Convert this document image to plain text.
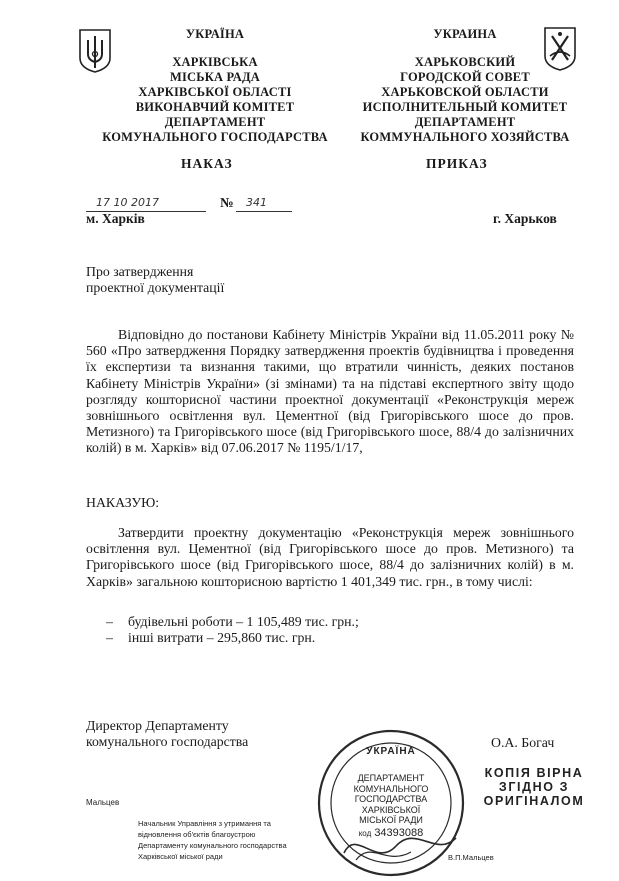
УКРАЇНА
ХАРКІВСЬКА
МІСЬКА РАДА
ХАРКІВСЬКОЇ ОБЛАСТІ
ВИКОНАВЧИЙ КОМІТЕТ
ДЕПАРТАМЕНТ
КОМУНАЛЬНОГО ГОСПОДАРСТВА
УКРАИНА
ХАРЬКОВСКИЙ
ГОРОДСКОЙ СОВЕТ
ХАРЬКОВСКОЙ ОБЛАСТИ
ИСПОЛНИТЕЛЬНЫЙ КОМИТЕТ
ДЕПАРТАМЕНТ
КОММУНАЛЬНОГО ХОЗЯЙСТВА
НАКАЗ	ПРИКАЗ
17 10 2017	№ 341
м. Харків	г. Харьков
Про затвердження
проектної документації

Відповідно до постанови Кабінету Міністрів України від 11.05.2011 року № 560 «Про затвердження Порядку затвердження проектів будівництва і проведення їх експертизи та визнання такими, що втратили чинність, деяких постанов Кабінету Міністрів України» (зі змінами) та на підставі експертного звіту щодо розгляду кошторисної частини проектної документації «Реконструкція мереж зовнішнього освітлення вул. Цементної (від Григорівського шосе до пров. Метизного) та Григорівського шосе (від Григорівського шосе, 88/4 до залізничних колій) в м. Харків» від 07.06.2017 № 1195/1/17,

НАКАЗУЮ:

Затвердити проектну документацію «Реконструкція мереж зовнішнього освітлення вул. Цементної (від Григорівського шосе до пров. Метизного) та Григорівського шосе (від Григорівського шосе, 88/4 до залізничних колій) в м. Харків» загальною кошторисною вартістю 1 401,349 тис. грн., в тому числі:

– будівельні роботи – 1 105,489 тис. грн.;
– інші витрати – 295,860 тис. грн.
Директор Департаменту
комунального господарства	О.А. Богач
УКРАЇНА
ДЕПАРТАМЕНТ
КОМУНАЛЬНОГО
ГОСПОДАРСТВА
ХАРКІВСЬКОЇ
МІСЬКОЇ РАДИ
код 34393088
КОПІЯ ВІРНА
ЗГІДНО З
ОРИГІНАЛОМ
Мальцев
Начальник Управління з утримання та
відновлення об'єктів благоустрою
Департаменту комунального господарства
Харківської міської ради	В.П.Мальцев
